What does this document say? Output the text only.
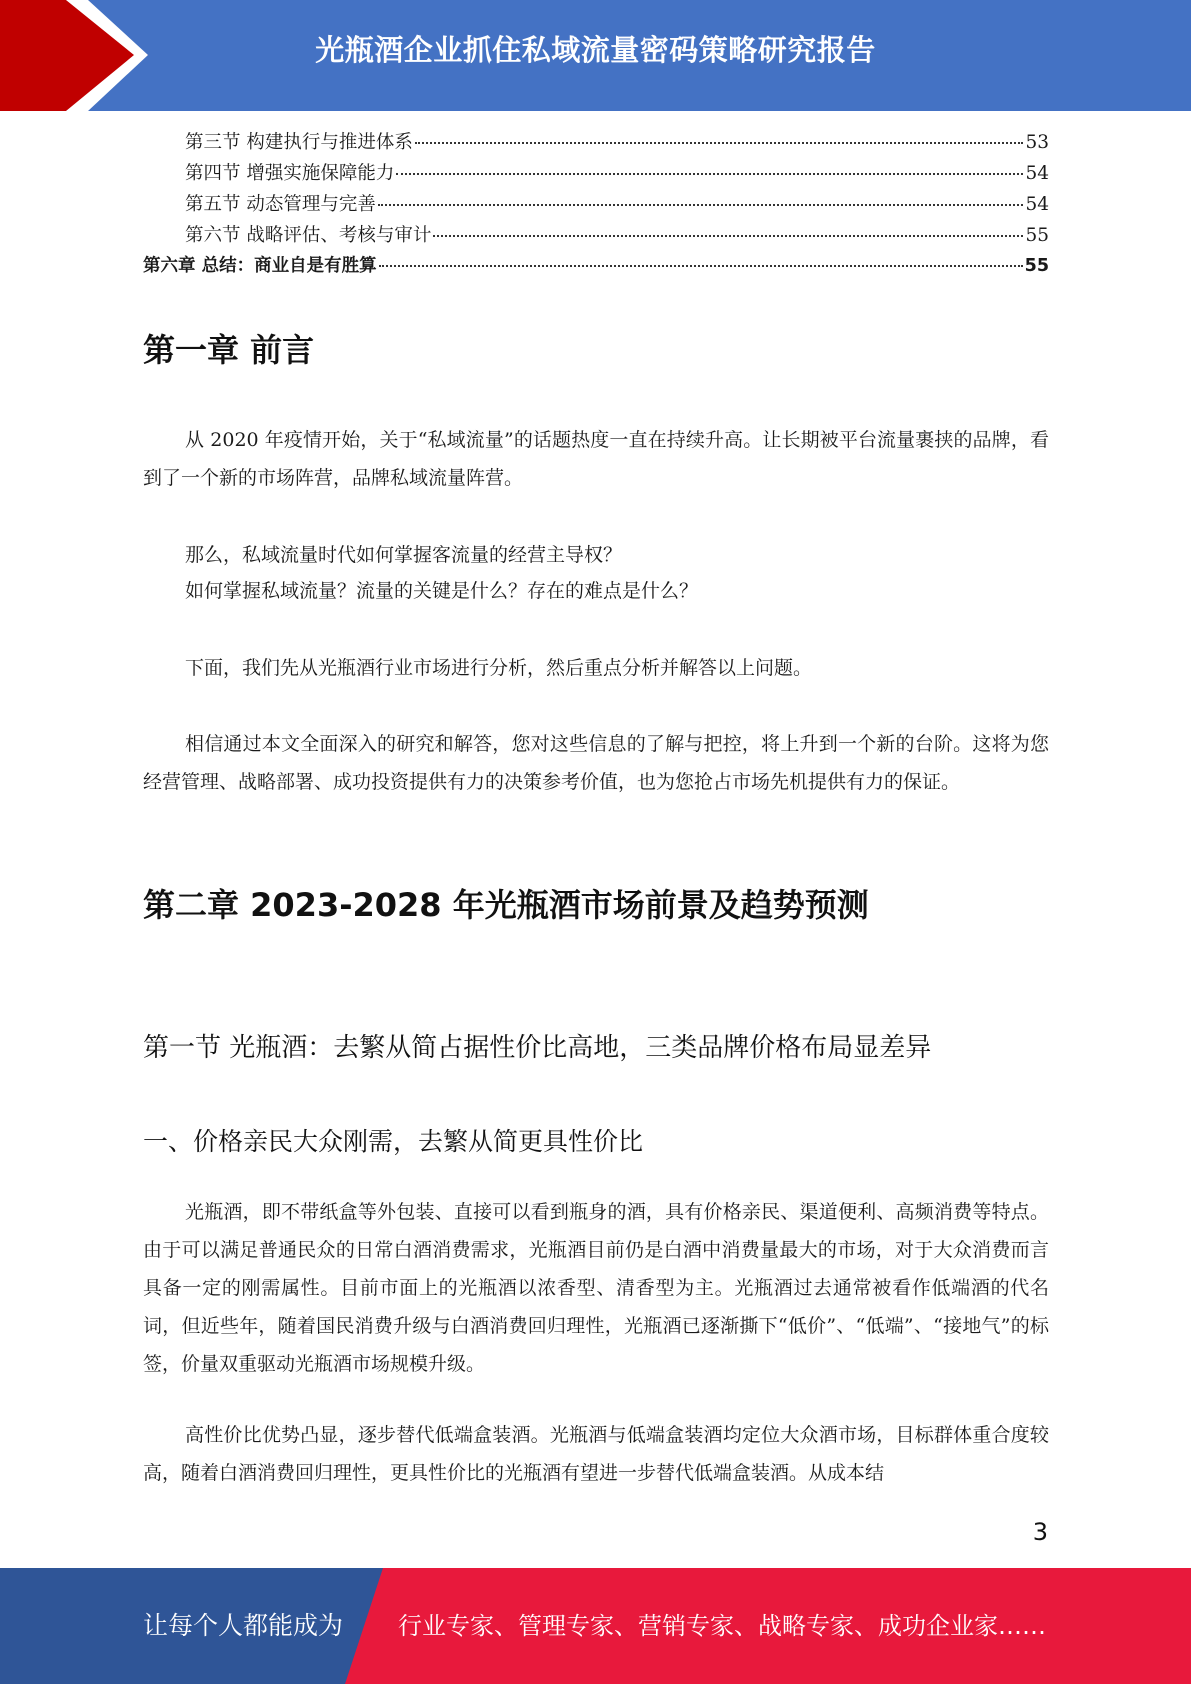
光瓶酒企业抓住私域流量密码策略研究报告
第三节 构建执行与推进体系	53
第四节 增强实施保障能力	54
第五节 动态管理与完善	54
第六节 战略评估、考核与审计	55
第六章 总结：商业自是有胜算	55
第一章 前言

从 2020 年疫情开始，关于“私域流量”的话题热度一直在持续升高。让长期被平台流量裹挟的品牌，看到了一个新的市场阵营，品牌私域流量阵营。

那么，私域流量时代如何掌握客流量的经营主导权？
如何掌握私域流量？流量的关键是什么？存在的难点是什么？
下面，我们先从光瓶酒行业市场进行分析，然后重点分析并解答以上问题。

相信通过本文全面深入的研究和解答，您对这些信息的了解与把控，将上升到一个新的台阶。这将为您经营管理、战略部署、成功投资提供有力的决策参考价值，也为您抢占市场先机提供有力的保证。

第二章 2023-2028 年光瓶酒市场前景及趋势预测
第一节 光瓶酒：去繁从简占据性价比高地，三类品牌价格布局显差异
一、价格亲民大众刚需，去繁从简更具性价比

光瓶酒，即不带纸盒等外包装、直接可以看到瓶身的酒，具有价格亲民、渠道便利、高频消费等特点。由于可以满足普通民众的日常白酒消费需求，光瓶酒目前仍是白酒中消费量最大的市场，对于大众消费而言具备一定的刚需属性。目前市面上的光瓶酒以浓香型、清香型为主。光瓶酒过去通常被看作低端酒的代名词，但近些年，随着国民消费升级与白酒消费回归理性，光瓶酒已逐渐撕下“低价”、“低端”、“接地气”的标签，价量双重驱动光瓶酒市场规模升级。

高性价比优势凸显，逐步替代低端盒装酒。光瓶酒与低端盒装酒均定位大众酒市场，目标群体重合度较高，随着白酒消费回归理性，更具性价比的光瓶酒有望进一步替代低端盒装酒。从成本结

3
让每个人都能成为 行业专家、管理专家、营销专家、战略专家、成功企业家……
